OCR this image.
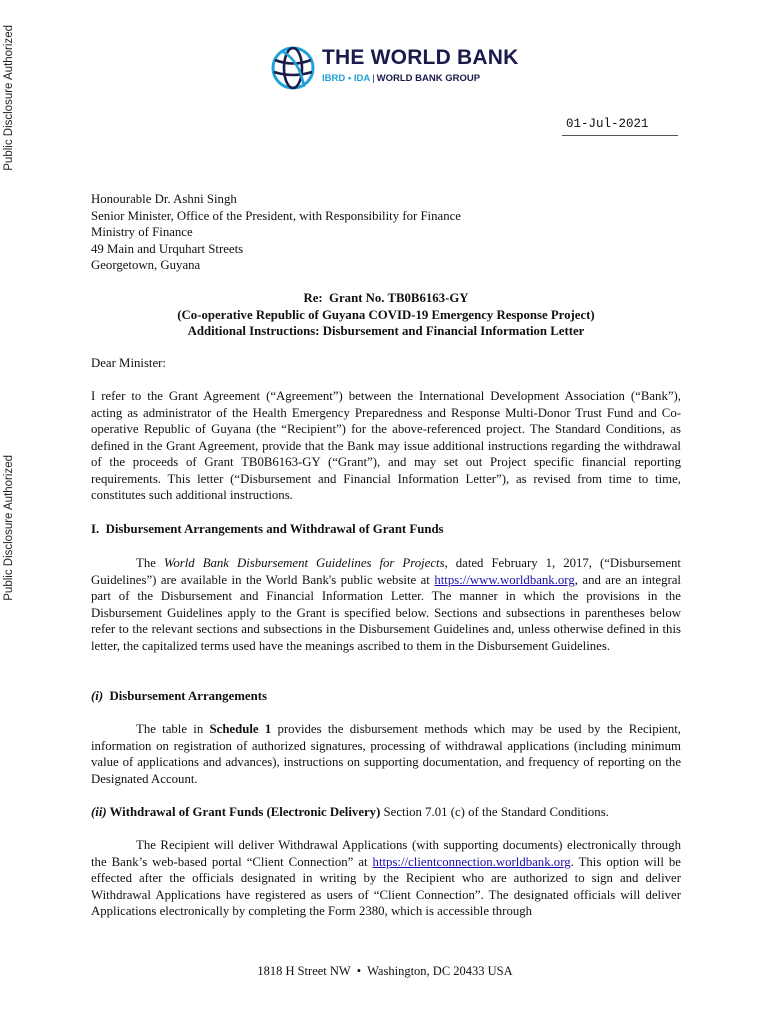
Public Disclosure Authorized
Public Disclosure Authorized
THE WORLD BANK
IBRD • IDA | WORLD BANK GROUP
01-Jul-2021
Honourable Dr. Ashni Singh
Senior Minister, Office of the President, with Responsibility for Finance
Ministry of Finance
49 Main and Urquhart Streets
Georgetown, Guyana
Re:  Grant No. TB0B6163-GY
(Co-operative Republic of Guyana COVID-19 Emergency Response Project)
Additional Instructions: Disbursement and Financial Information Letter
Dear Minister:
I refer to the Grant Agreement (“Agreement”) between the International Development Association (“Bank”), acting as administrator of the Health Emergency Preparedness and Response Multi-Donor Trust Fund and Co-operative Republic of Guyana (the “Recipient”) for the above-referenced project. The Standard Conditions, as defined in the Grant Agreement, provide that the Bank may issue additional instructions regarding the withdrawal of the proceeds of Grant TB0B6163-GY (“Grant”), and may set out Project specific financial reporting requirements. This letter (“Disbursement and Financial Information Letter”), as revised from time to time, constitutes such additional instructions.
I.  Disbursement Arrangements and Withdrawal of Grant Funds
The World Bank Disbursement Guidelines for Projects, dated February 1, 2017, (“Disbursement Guidelines”) are available in the World Bank's public website at https://www.worldbank.org, and are an integral part of the Disbursement and Financial Information Letter. The manner in which the provisions in the Disbursement Guidelines apply to the Grant is specified below. Sections and subsections in parentheses below refer to the relevant sections and subsections in the Disbursement Guidelines and, unless otherwise defined in this letter, the capitalized terms used have the meanings ascribed to them in the Disbursement Guidelines.
(i) Disbursement Arrangements
The table in Schedule 1 provides the disbursement methods which may be used by the Recipient, information on registration of authorized signatures, processing of withdrawal applications (including minimum value of applications and advances), instructions on supporting documentation, and frequency of reporting on the Designated Account.
(ii) Withdrawal of Grant Funds (Electronic Delivery) Section 7.01 (c) of the Standard Conditions.
The Recipient will deliver Withdrawal Applications (with supporting documents) electronically through the Bank’s web-based portal “Client Connection” at https://clientconnection.worldbank.org. This option will be effected after the officials designated in writing by the Recipient who are authorized to sign and deliver Withdrawal Applications have registered as users of “Client Connection”. The designated officials will deliver Applications electronically by completing the Form 2380, which is accessible through
1818 H Street NW  •  Washington, DC 20433 USA
